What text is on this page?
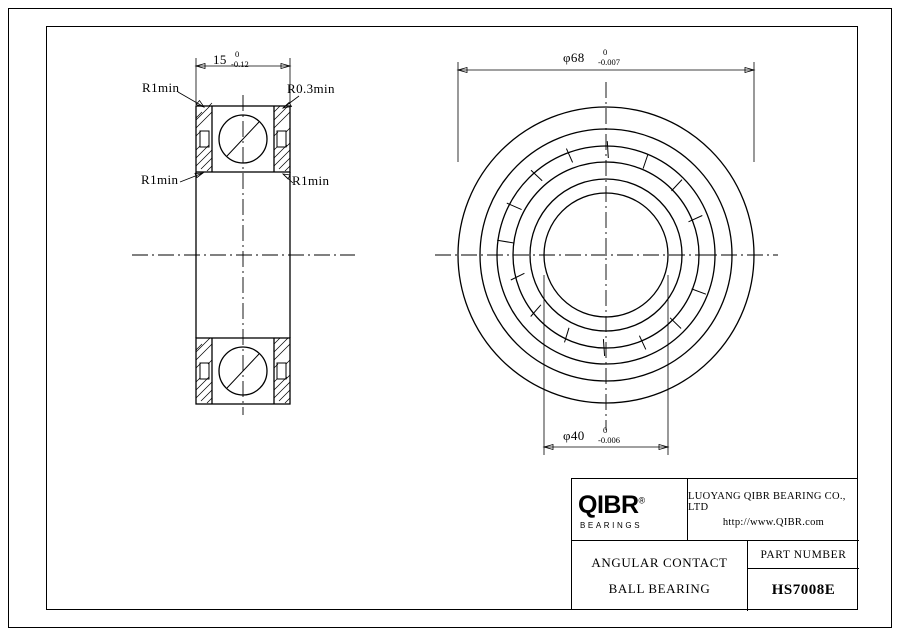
15 0
-0.12
R1min	R0.3min
R1min	R1min
φ68 0
-0.007
φ40 0
-0.006
QIBR®
BEARINGS
LUOYANG QIBR BEARING CO., LTD
http://www.QIBR.com
ANGULAR CONTACT
BALL BEARING
PART NUMBER
HS7008E
